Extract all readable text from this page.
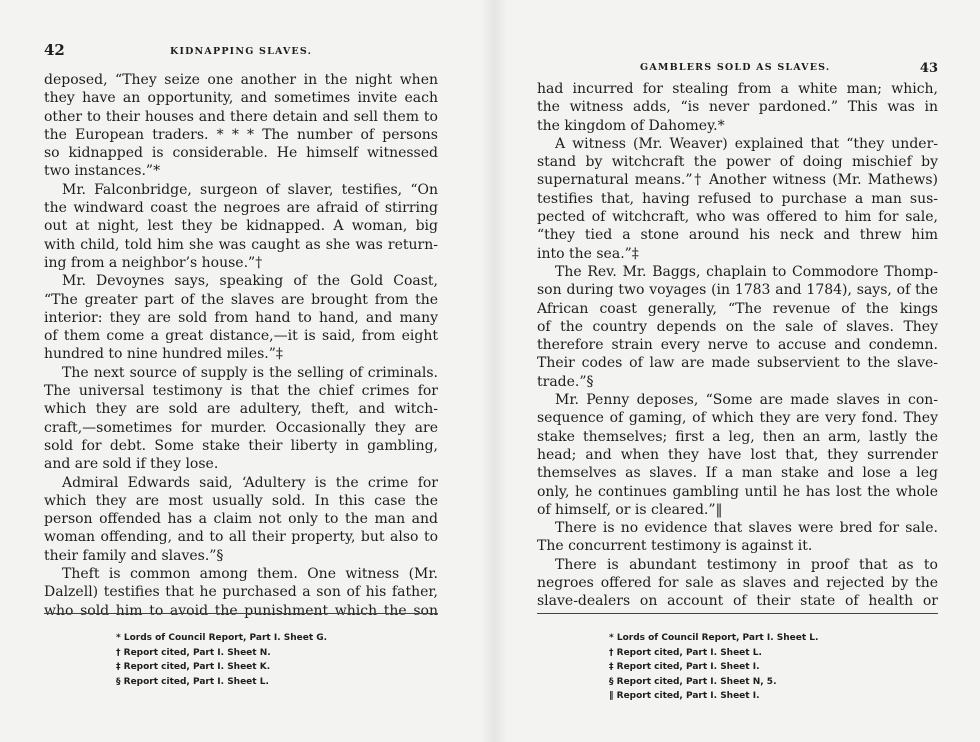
42	KIDNAPPING SLAVES.
deposed, “They seize one another in the night when
they have an opportunity, and sometimes invite each
other to their houses and there detain and sell them to
the European traders. * * * The number of persons
so kidnapped is considerable. He himself witnessed
two instances.”*
Mr. Falconbridge, surgeon of slaver, testifies, “On
the windward coast the negroes are afraid of stirring
out at night, lest they be kidnapped. A woman, big
with child, told him she was caught as she was return-
ing from a neighbor’s house.”†
Mr. Devoynes says, speaking of the Gold Coast,
“The greater part of the slaves are brought from the
interior: they are sold from hand to hand, and many
of them come a great distance,—it is said, from eight
hundred to nine hundred miles.”‡
The next source of supply is the selling of criminals.
The universal testimony is that the chief crimes for
which they are sold are adultery, theft, and witch-
craft,—sometimes for murder. Occasionally they are
sold for debt. Some stake their liberty in gambling,
and are sold if they lose.
Admiral Edwards said, ‘Adultery is the crime for
which they are most usually sold. In this case the
person offended has a claim not only to the man and
woman offending, and to all their property, but also to
their family and slaves.”§
Theft is common among them. One witness (Mr.
Dalzell) testifies that he purchased a son of his father,
who sold him to avoid the punishment which the son
* Lords of Council Report, Part I. Sheet G.
† Report cited, Part I. Sheet N.
‡ Report cited, Part I. Sheet K.
§ Report cited, Part I. Sheet L.
GAMBLERS SOLD AS SLAVES.	43
had incurred for stealing from a white man; which,
the witness adds, “is never pardoned.” This was in
the kingdom of Dahomey.*
A witness (Mr. Weaver) explained that “they under-
stand by witchcraft the power of doing mischief by
supernatural means.”† Another witness (Mr. Mathews)
testifies that, having refused to purchase a man sus-
pected of witchcraft, who was offered to him for sale,
“they tied a stone around his neck and threw him
into the sea.”‡
The Rev. Mr. Baggs, chaplain to Commodore Thomp-
son during two voyages (in 1783 and 1784), says, of the
African coast generally, “The revenue of the kings
of the country depends on the sale of slaves. They
therefore strain every nerve to accuse and condemn.
Their codes of law are made subservient to the slave-
trade.”§
Mr. Penny deposes, “Some are made slaves in con-
sequence of gaming, of which they are very fond. They
stake themselves; first a leg, then an arm, lastly the
head; and when they have lost that, they surrender
themselves as slaves. If a man stake and lose a leg
only, he continues gambling until he has lost the whole
of himself, or is cleared.”‖
There is no evidence that slaves were bred for sale.
The concurrent testimony is against it.
There is abundant testimony in proof that as to
negroes offered for sale as slaves and rejected by the
slave-dealers on account of their state of health or
* Lords of Council Report, Part I. Sheet L.
† Report cited, Part I. Sheet L.
‡ Report cited, Part I. Sheet I.
§ Report cited, Part I. Sheet N, 5.
‖ Report cited, Part I. Sheet I.
